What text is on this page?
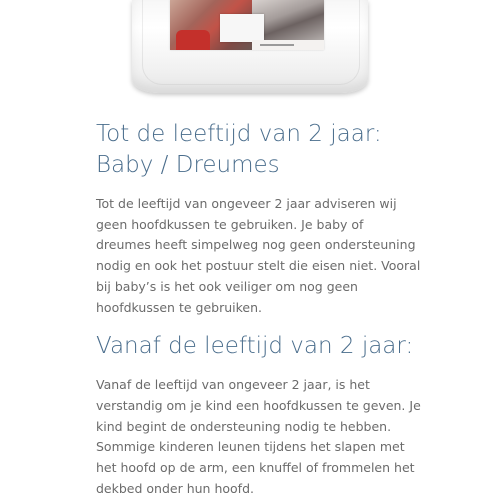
Tot de leeftijd van 2 jaar:
Baby / Dreumes

Tot de leeftijd van ongeveer 2 jaar adviseren wij
geen hoofdkussen te gebruiken. Je baby of
dreumes heeft simpelweg nog geen ondersteuning
nodig en ook het postuur stelt die eisen niet. Vooral
bij baby’s is het ook veiliger om nog geen
hoofdkussen te gebruiken.

Vanaf de leeftijd van 2 jaar:

Vanaf de leeftijd van ongeveer 2 jaar, is het
verstandig om je kind een hoofdkussen te geven. Je
kind begint de ondersteuning nodig te hebben.
Sommige kinderen leunen tijdens het slapen met
het hoofd op de arm, een knuffel of frommelen het
dekbed onder hun hoofd.
